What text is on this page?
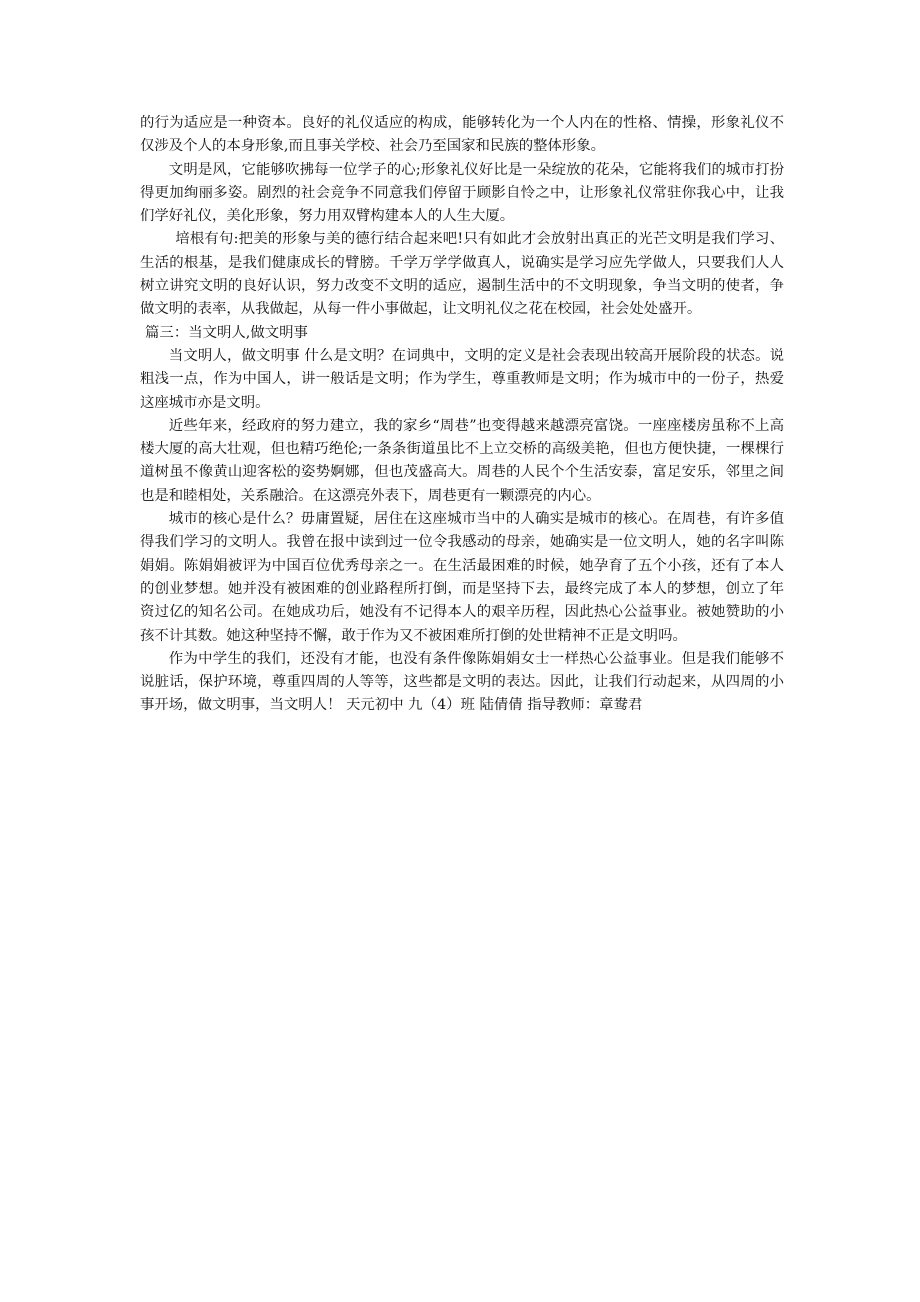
的行为适应是一种资本。良好的礼仪适应的构成，能够转化为一个人内在的性格、情操，形象礼仪不仅涉及个人的本身形象,而且事关学校、社会乃至国家和民族的整体形象。

文明是风，它能够吹拂每一位学子的心;形象礼仪好比是一朵绽放的花朵，它能将我们的城市打扮得更加绚丽多姿。剧烈的社会竞争不同意我们停留于顾影自怜之中，让形象礼仪常驻你我心中，让我们学好礼仪，美化形象，努力用双臂构建本人的人生大厦。

培根有句:把美的形象与美的德行结合起来吧!只有如此才会放射出真正的光芒文明是我们学习、生活的根基，是我们健康成长的臂膀。千学万学学做真人，说确实是学习应先学做人，只要我们人人树立讲究文明的良好认识，努力改变不文明的适应，遏制生活中的不文明现象，争当文明的使者，争做文明的表率，从我做起，从每一件小事做起，让文明礼仪之花在校园，社会处处盛开。

篇三：当文明人,做文明事

当文明人，做文明事 什么是文明？在词典中，文明的定义是社会表现出较高开展阶段的状态。说粗浅一点，作为中国人，讲一般话是文明；作为学生，尊重教师是文明；作为城市中的一份子，热爱这座城市亦是文明。

近些年来，经政府的努力建立，我的家乡“周巷”也变得越来越漂亮富饶。一座座楼房虽称不上高楼大厦的高大壮观，但也精巧绝伦;一条条街道虽比不上立交桥的高级美艳，但也方便快捷，一棵棵行道树虽不像黄山迎客松的姿势婀娜，但也茂盛高大。周巷的人民个个生活安泰，富足安乐，邻里之间也是和睦相处，关系融洽。在这漂亮外表下，周巷更有一颗漂亮的内心。

城市的核心是什么？毋庸置疑，居住在这座城市当中的人确实是城市的核心。在周巷，有许多值得我们学习的文明人。我曾在报中读到过一位令我感动的母亲，她确实是一位文明人，她的名字叫陈娟娟。陈娟娟被评为中国百位优秀母亲之一。在生活最困难的时候，她孕育了五个小孩，还有了本人的创业梦想。她并没有被困难的创业路程所打倒，而是坚持下去，最终完成了本人的梦想，创立了年资过亿的知名公司。在她成功后，她没有不记得本人的艰辛历程，因此热心公益事业。被她赞助的小孩不计其数。她这种坚持不懈，敢于作为又不被困难所打倒的处世精神不正是文明吗。

作为中学生的我们，还没有才能，也没有条件像陈娟娟女士一样热心公益事业。但是我们能够不说脏话，保护环境，尊重四周的人等等，这些都是文明的表达。因此，让我们行动起来，从四周的小事开场，做文明事，当文明人！ 天元初中 九（4）班 陆倩倩 指导教师：章鸯君
